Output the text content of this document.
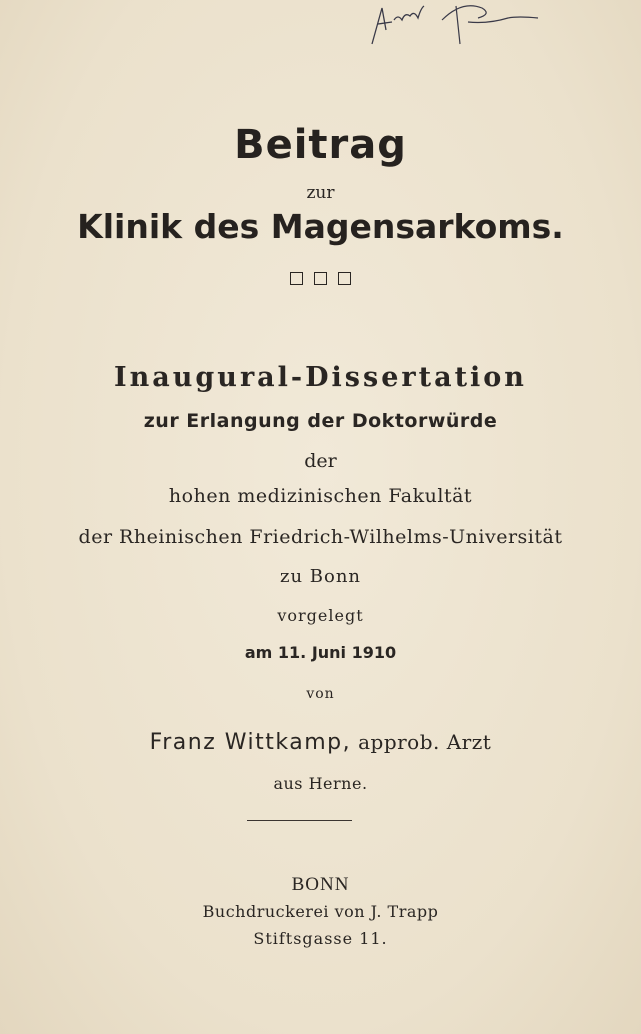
Beitrag
zur
Klinik des Magensarkoms.
Inaugural-Dissertation
zur Erlangung der Doktorwürde
der
hohen medizinischen Fakultät
der Rheinischen Friedrich-Wilhelms-Universität
zu Bonn
vorgelegt
am 11. Juni 1910
von
Franz Wittkamp, approb. Arzt
aus Herne.
BONN
Buchdruckerei von J. Trapp
Stiftsgasse 11.
